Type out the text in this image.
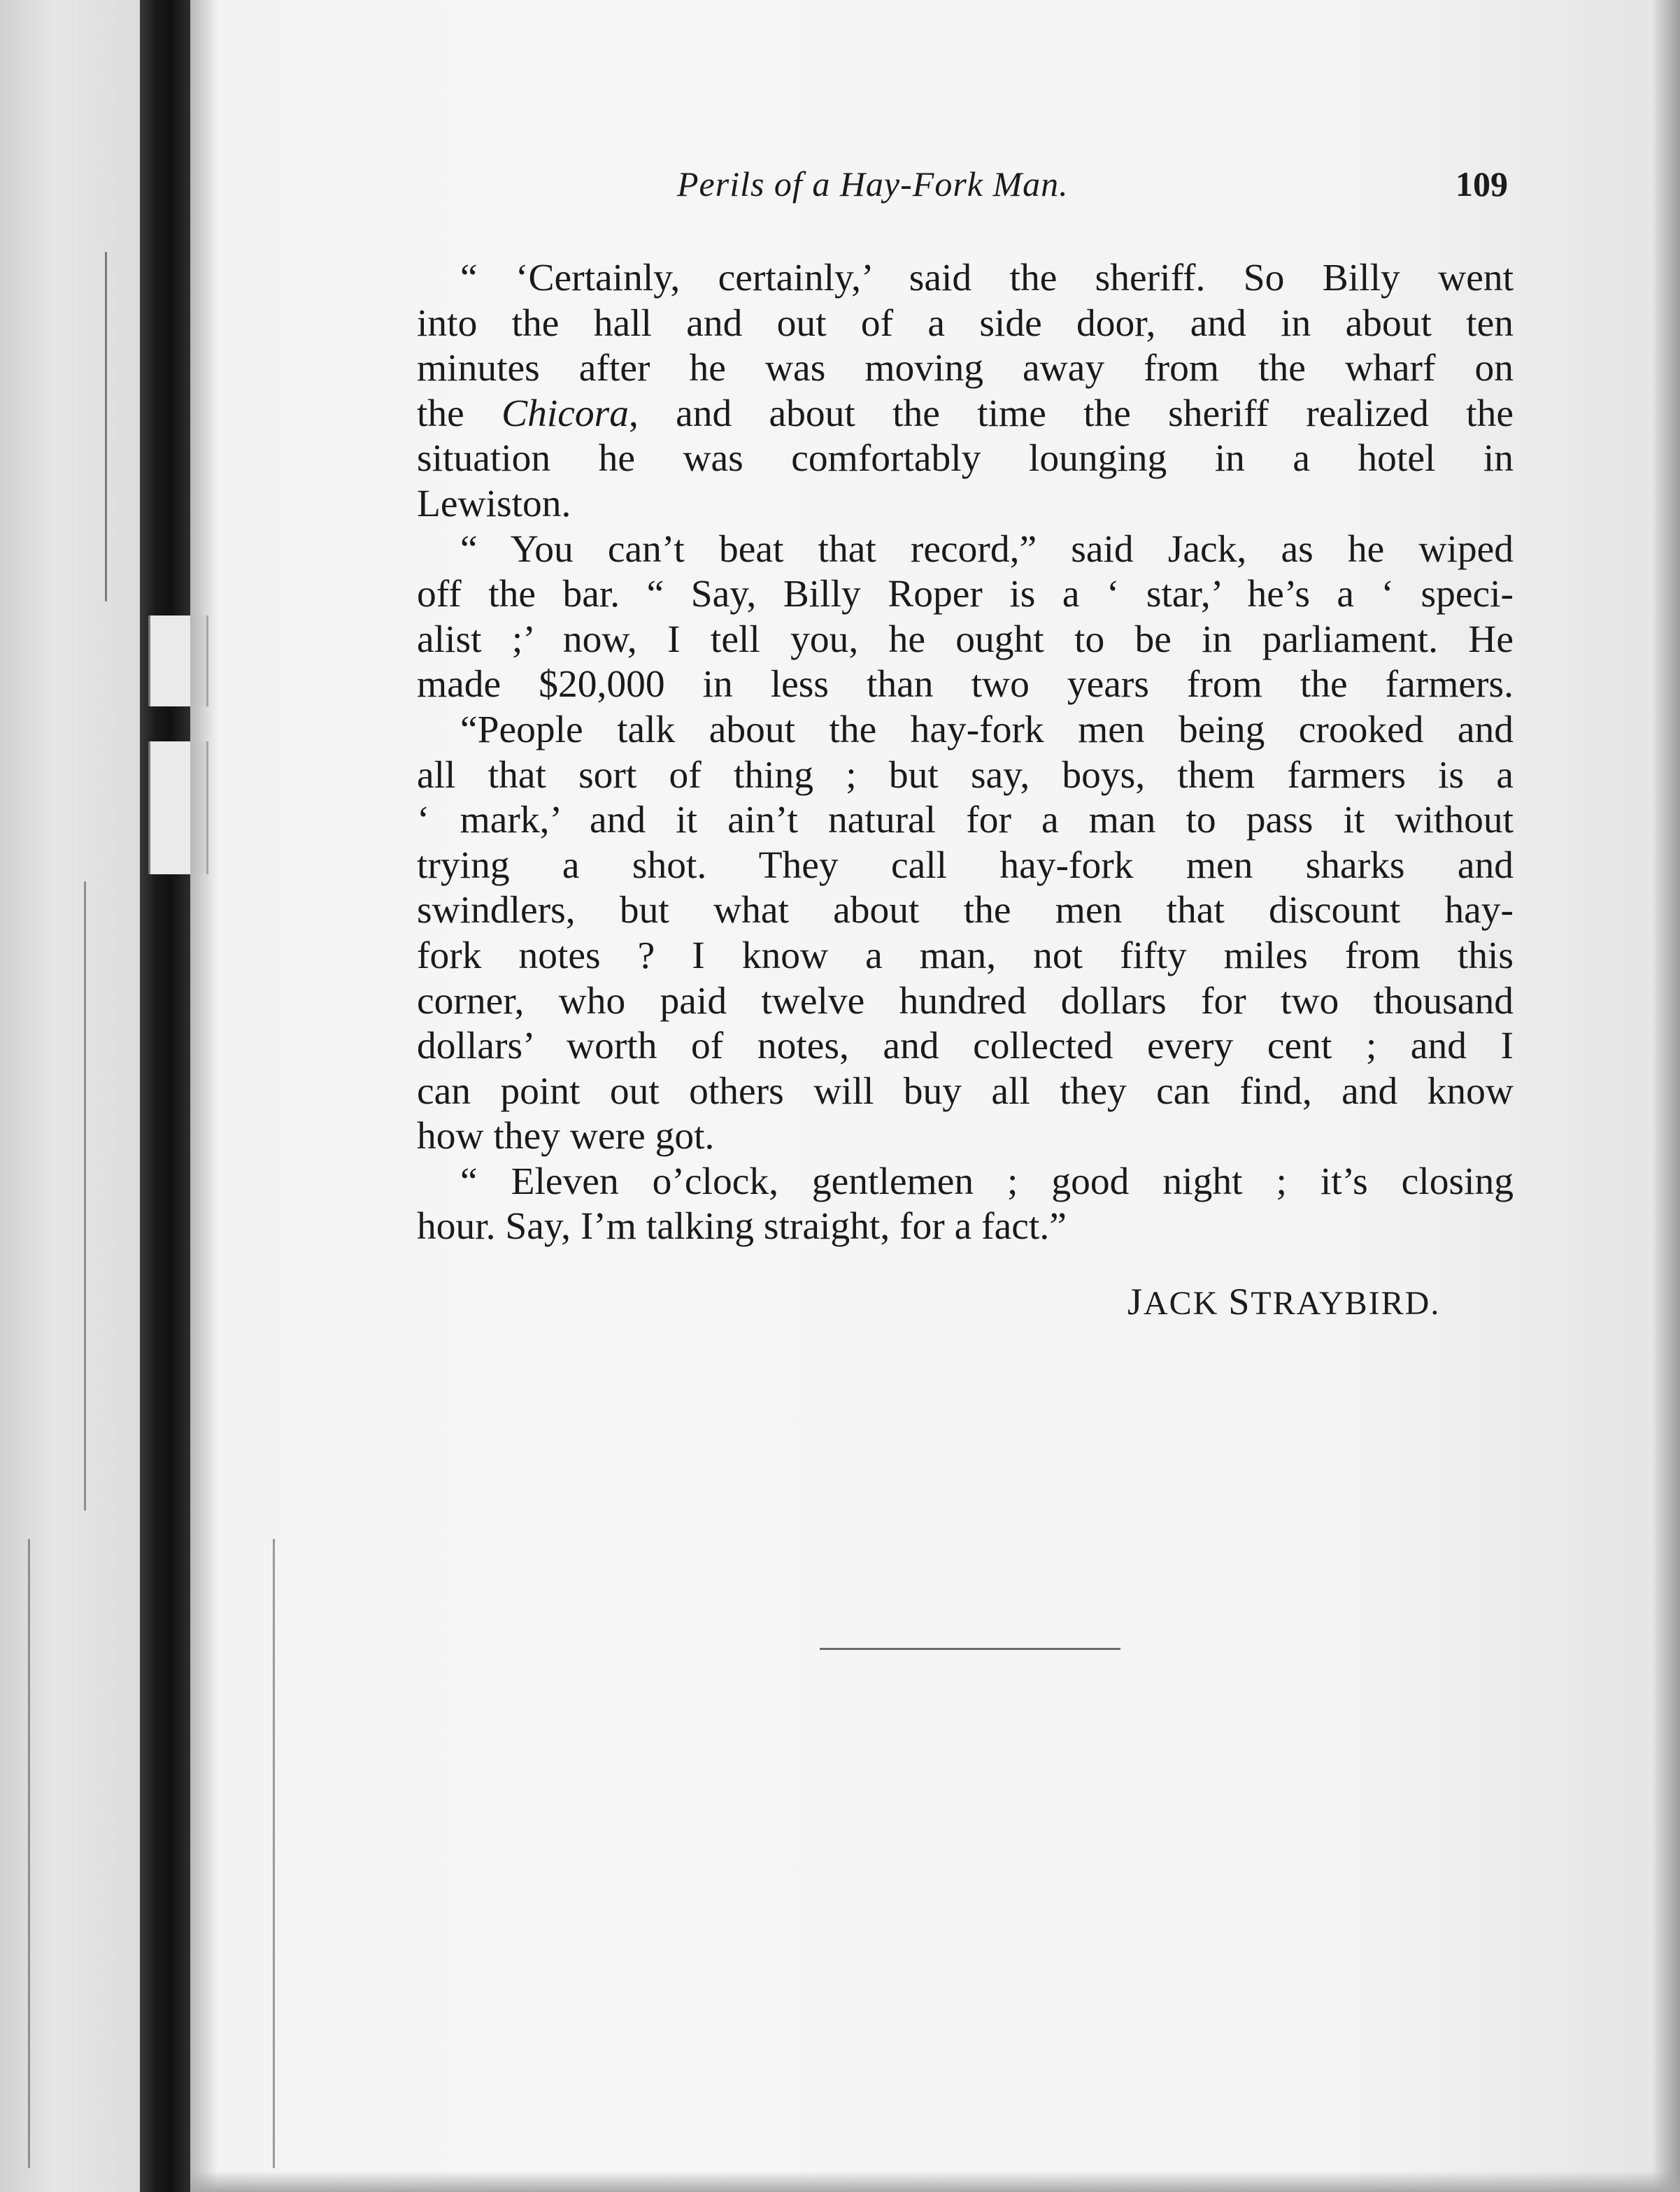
Perils of a Hay-Fork Man.	109
“ ‘Certainly, certainly,’ said the sheriff. So Billy went
into the hall and out of a side door, and in about ten
minutes after he was moving away from the wharf on
the Chicora, and about the time the sheriff realized the
situation he was comfortably lounging in a hotel in
Lewiston.
“ You can’t beat that record,” said Jack, as he wiped
off the bar. “ Say, Billy Roper is a ‘ star,’ he’s a ‘ speci-
alist ;’ now, I tell you, he ought to be in parliament. He
made $20,000 in less than two years from the farmers.
“People talk about the hay-fork men being crooked and
all that sort of thing ; but say, boys, them farmers is a
‘ mark,’ and it ain’t natural for a man to pass it without
trying a shot. They call hay-fork men sharks and
swindlers, but what about the men that discount hay-
fork notes ? I know a man, not fifty miles from this
corner, who paid twelve hundred dollars for two thousand
dollars’ worth of notes, and collected every cent ; and I
can point out others will buy all they can find, and know
how they were got.
“ Eleven o’clock, gentlemen ; good night ; it’s closing
hour. Say, I’m talking straight, for a fact.”
JACK STRAYBIRD.
